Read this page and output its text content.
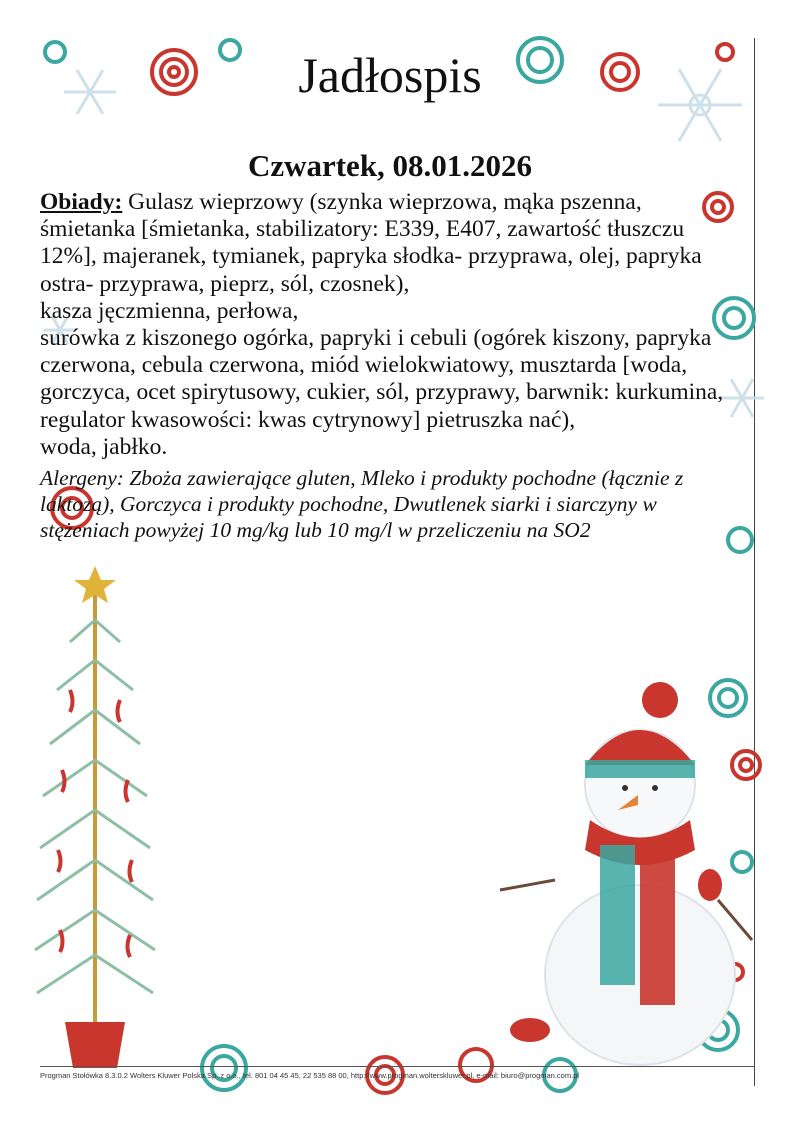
Jadłospis
Czwartek, 08.01.2026
Obiady: Gulasz wieprzowy (szynka wieprzowa, mąka pszenna, śmietanka [śmietanka, stabilizatory: E339, E407, zawartość tłuszczu 12%], majeranek, tymianek, papryka słodka- przyprawa, olej, papryka ostra- przyprawa, pieprz, sól, czosnek),
kasza jęczmienna, perłowa,
surówka z kiszonego ogórka, papryki i cebuli (ogórek kiszony, papryka czerwona, cebula czerwona, miód wielokwiatowy, musztarda [woda, gorczyca, ocet spirytusowy, cukier, sól, przyprawy, barwnik: kurkumina, regulator kwasowości: kwas cytrynowy] pietruszka nać),
woda, jabłko.
Alergeny: Zboża zawierające gluten, Mleko i produkty pochodne (łącznie z laktozą), Gorczyca i produkty pochodne, Dwutlenek siarki i siarczyny w stężeniach powyżej 10 mg/kg lub 10 mg/l w przeliczeniu na SO2
Progman Stołówka 8.3.0.2 Wolters Kluwer Polska Sp. z o.o., tel. 801 04 45 45, 22 535 88 00, http://www.progman.wolterskluwer.pl, e-mail: biuro@progman.com.pl
